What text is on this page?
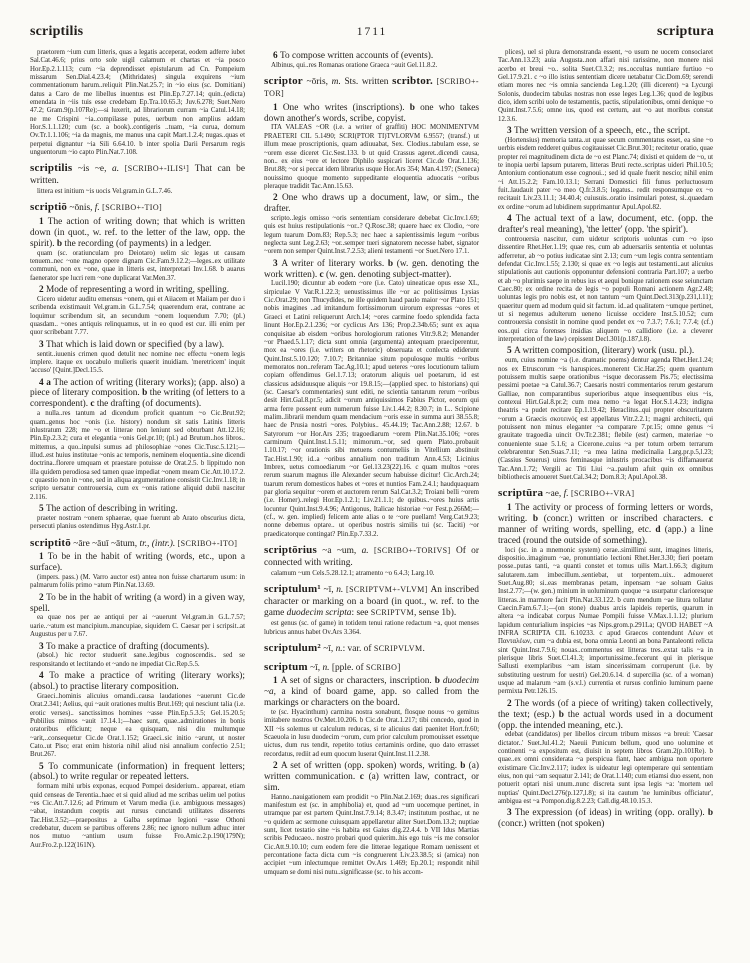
scriptilis	1711	scriptura

praetorem ~ium cum litteris, quas a legatis acceperat, eodem adferre iubet Sal.Cat.46.6; prius orto sole uigil calamum et chartas et ~ia posco Hor.Ep.2.1.113; cum ~ia deprendisset epistularum ad Cn. Pompeium missarum Sen.Dial.4.23.4; (Mithridates) singula exquirens ~ium commentationum harum..reliquit Plin.Nat.25.7; in ~io eius (sc. Domitiani) datus a Caro de me libellus inuentus est Plin.Ep.7.27.14; quin..(edicta) emendata in ~iis tuis esse credebam Ep.Tra.10.65.3; Juv.6.278; Suet.Nero 47.2; Gram.9(p.107Re);—si luxerit, ad librariorum curram ~ia Catul.14.18; ne me Crispini ~ia..compilasse putes, uerbum non amplius addam Hor.S.1.1.120; cum (sc. a book)..contigeris ..tuam, ~ia curua, domum Ov.Tr.1.1.106; ~ia da magnis, me manus una capit Mart.1.2.4; nugas..quas et perpetui dignantur ~ia Sili 6.64.10. b inter spolia Darii Persarum regis unguentorum ~io capto Plin.Nat.7.108.

scriptilis ~is ~e, a. [SCRIBO+-ILIS¹] That can be written.

littera est initium ~is uocis Vel.gram.in G.L.7.46.

scriptiō ~ōnis, f. [SCRIBO+-TIO]

1 The action of writing down; that which is written down (in quot., w. ref. to the letter of the law, opp. the spirit). b the recording (of payments) in a ledger.

quam (sc. oratiunculam pro Deiotaro) uelim sic legas ut causam tenuem..nec ~one magno opere dignam Cic.Fam.9.12.2;—leges..ex utilitate communi, non ex ~one, quae in litteris est, interpretari Inv.1.68. b auarus faenerator spe lucri rem ~one duplicarat Var.Men.37.

2 Mode of representing a word in writing, spelling.

Cicero uidetur auditu emensus ~onem, qui et Aiiacem et Maiiam per duo i scribenda existimauit Vel.gram.in G.L.7.54; quaerendum erat, contrane ac loquimur scribendum sit, an secundum ~onem loquendum 7.70; (pl.) quasdam.. ~ones antiquis relinquamus, ut in eo quod est cur. illi enim per quor scribebant 7.77.

3 That which is laid down or specified (by a law).

sentit..iuuenis crimen quod detulit nec nomine nec effectu ~onem legis implere. itaque ex uocabulo mulieris quaerit inuidiam. 'meretricem' inquit 'accuso' [Quint.]Decl.15.5.

4 a The action of writing (literary works); (app. also) a piece of literary composition. b the writing (of letters to a correspondent). c the drafting (of documents).

a nulla..res tantum ad dicendum proficit quantum ~o Cic.Brut.92; quam..genus hoc ~onis (i.e. history) nondum sit satis Latinis litteris inlustratum 228; me ~o et litterae non leniunt sed obturbant Att.12.16; Plin.Ep.2.3.2; cura et elegantia ~onis Gel.pr.10; (pl.) ad Brutum..hos libros.. mittemus, a quo..inpulsi sumus ad philosophiae ~ones Cic.Tusc.5.121;—illud..est huius institutae ~onis ac temporis, neminem eloquentia..sine dicendi doctrina..florere umquam et praestare potuisse de Orat.2.5. b lippitudo non illa quidem perodiosa sed tamen quae impediat ~onem meam Cic.Att.10.17.2. c quaestio non in ~one, sed in aliqua argumentatione consistit Cic.Inv.1.18; in scripto uersatur controuersia, cum ex ~onis ratione aliquid dubii nascitur 2.116.

5 The action of describing in writing.

praeter nostram ~onem sphaerae, quae fuerunt ab Arato obscurius dicta, persecuti planius ostendimus Hyg.Astr.1.pr.

scriptitō ~āre ~āuī ~ātum, tr., (intr.). [SCRIBO+-ITO]

1 To be in the habit of writing (words, etc., upon a surface).

(impers. pass.) (M. Varro auctor est) antea non fuisse chartarum usum: in palmarum foliis primo ~atum Plin.Nat.13.69.

2 To be in the habit of writing (a word) in a given way, spell.

ea quae nos per ae antiqui per ai ~auerunt Vel.gram.in G.L.7.57; uarie..~atum est mancipium..mancupiae, siquidem C. Caesar per i scripsit..at Augustus per u 7.67.

3 To make a practice of drafting (documents).

(absol.) hic rector studuerit sane..legibus cognoscendis.. sed se responsitando et lectitando et ~ando ne impediat Cic.Rep.5.5.

4 To make a practice of writing (literary works); (absol.) to practise literary composition.

Graeci..hominis alicuius ornandi..causa laudationes ~auerunt Cic.de Orat.2.341; Aelius, qui ~auit orationes multis Brut.169; qui nesciunt talia (i.e. erotic verses).. sanctissimos homines ~asse Plin.Ep.5.3.5; Gel.15.20.5; Publilius mimos ~auit 17.14.1;—haec sunt, quae..admirationes in bonis oratoribus efficiunt; neque ea quisquam, nisi diu multumque ~arit,..consequetur Cic.de Orat.1.152; Graeci..sic initio ~arunt, ut noster Cato..ut Piso; erat enim historia nihil aliud nisi annalium confectio 2.51; Brut.267.

5 To communicate (information) in frequent letters; (absol.) to write regular or repeated letters.

formam mihi urbis exponas, ecquod Pompei desiderium.. appareat, etiam quid censeas de Terentia..haec et si quid aliud ad me scribas uelim uel potius ~es Cic.Att.7.12.6; ad Primum et Varum media (i.e. ambiguous messages) ~abat, instandum coeptis aut rursus cunctandi utilitates disserens Tac.Hist.3.52;—praepositus a Galba septimae legioni ~asse Othoni credebatur, ducem se partibus offerens 2.86; nec ignoro nullum adhuc inter nos mutuo ~antium usum fuisse Fro.Amic.2.p.190(179N); Aur.Fro.2.p.122(161N).

6 To compose written accounts of (events).

Albinus, qui..res Romanas oratione Graeca ~auit Gel.11.8.2.

scriptor ~ōris, m. Sts. written scribtor. [SCRIBO+-TOR]

1 One who writes (inscriptions). b one who takes down another's words, scribe, copyist.

ITA VALEAS ~OR (i.e. a writer of graffiti) HOC MONIMENTVM PRAETERI CIL 5.1490; SCRI(PTOR TI)TVLORVM 6.9557; (transf.) ut illum meae proscriptionis, quam adiuuabat, Sex. Clodius..tabulam esse, se ~orem esse diceret Cic.Sest.133. b ut quid Crassus ageret..dicendi causa, non.. ex eius ~ore et lectore Diphilo suspicari liceret Cic.de Orat.1.136; Brut.88; ~or si peccat idem librarius usque Hor.Ars 354; Man.4.197; (Seneca) nouissimo quoque momento suppeditante eloquentia aduocatis ~oribus pleraque tradidit Tac.Ann.15.63.

2 One who draws up a document, law, or sim., the drafter.

scripto..legis omisso ~oris sententiam considerare debebat Cic.Inv.1.69; quis est huius restipulationis ~or..? Q.Rosc.38; quaere haec ex Clodio, ~ore legum tuarum Dom.83; Rep.5.3; nec haec a sapientissimis legum ~oribus neglecta sunt Leg.2.63; ~or..semper tueri signatorem necesse habet, signator ~orem non semper Quint.Inst.7.2.53; alieni testamenti ~or Suet.Nero 17.1.

3 A writer of literary works. b (w. gen. denoting the work written). c (w. gen. denoting subject-matter).

Lucil.190; dicuntur ab eodem ~ore (i.e. Cato) uineaticae opus esse XL, sirpiculae V Var.R.1.22.3; uenustissimus ille ~or ac politissimus Lysias Cic.Orat.29; non Thucydides, ne ille quidem haud paulo maior ~or Plato 151; nobis imagines ..ad imitandum fortissimorum uirorum expressas ~ores et Graeci et Latini reliquerunt Arch.14; ~ores carmine foedo splendida facta linunt Hor.Ep.2.1.236; ~or cyclicus Ars 136; Prop.2.34b.65; sunt ex aqua conquisitae ab eisdem ~oribus horologiorum rationes Vitr.9.8.2; Menander ~or Phaed.5.1.17; dicta sunt omnia (argumenta) antequam praeciperentur, mox ea ~ores (i.e. writers on rhetoric) obseruata et conlecta ediderunt Quint.Inst.5.10.120; 7.10.7; Britanniae situm populosque multis ~oribus memoratos non..referam Tac.Ag.10.1; apud ueteres ~ores locutionum talium copiam offendimus Gel.1.7.13; oratorum aliquis uel poetarum, id est classicus adsiduusque aliquis ~or 19.8.15;—(applied spec. to historians) qui (sc. Caesar's commentaries) sunt editi, ne scientia tantarum rerum ~oribus desit Hirt.Gal.8.pr.5; adicit ~orum antiquissimos Fabius Pictor, eorum qui arma ferre possent eum numerum fuisse Liv.1.44.2; 8.30.7; in L.. Scipione malim..librarii mendum quam mendacium ~oris esse in summa auri 38.55.8; haec de Prusia nostri ~ores. Polybius.. 45.44.19; Tac.Ann.2.88; 12.67. b Satyrorum ~or Hor.Ars 235; tragoediarum ~orem Plin.Nat.35.106; ~ores carminum Quint.Inst.1.5.11; mimorum..~or, sed quem Plato..probauit 1.10.17; ~or orationis sibi metuens contumeliis in Vitellium abstinuit Tac.Hist.1.90; id..a ~oribus annalium non traditum Ann.4.53; Licinius Imbrex, uetus comoediarum ~or Gel.13.23(22).16. c quam multos ~ores rerum suarum magnus ille Alexander secum habuisse dicitur! Cic.Arch.24; tuarum rerum domesticos habes et ~ores et nuntios Fam.2.4.1; haudquaquam par gloria sequitur ~orem et auctorem rerum Sal.Cat.3.2; Troiani belli ~orem (i.e. Homer)..relegi Hor.Ep.1.2.1; Liv.21.1.1; de quibus..~ores huius artis locuntur Quint.Inst.9.4.96; Antigonus, Italicae historiae ~or Fest.p.266M;—(cf., w. gen. implied) felicem ante alias o te ~ore puellam! Verg.Cat.9.23; nonne debemus optare.. ut operibus nostris similis tui (sc. Taciti) ~or praedicatorque contingat? Plin.Ep.7.33.2.

scriptōrius ~a ~um, a. [SCRIBO+-TORIVS] Of or connected with writing.

calamum ~um Cels.5.28.12.1; atramento ~o 6.4.3; Larg.10.

scriptulum¹ ~ī, n. [SCRIPTVM+-VLVM] An inscribed character or marking on a board (in quot., w. ref. to the game duodecim scripta: see SCRIPTVM, sense 1b).

est genus (sc. of game) in totidem tenui ratione redactum ~a, quot menses lubricus annus habet Ov.Ars 3.364.

scriptulum² ~ī, n.: var. of SCRIPVLVM.

scriptum ~ī, n. [pple. of SCRIBO]

1 A set of signs or characters, inscription. b duodecim ~a, a kind of board game, app. so called from the markings or characters on the board.

te (sc. Hyacinthum) carmina nostra sonabunt, flosque nouus ~o gemitus imitabere nostros Ov.Met.10.206. b Cic.de Orat.1.217; tibi concedo, quod in XII ~is solemus ut calculum reducas, si te alicuius dati paenitet Hort.fr.60; Scaeuola in lusu duodecim ~orum, cum prior calculum promouisset essetque uictus, dum rus tendit, repetito totius certaminis ordine, quo dato errasset recordatus, rediit ad eum quocum luserat Quint.Inst.11.2.38.

2 A set of written (opp. spoken) words, writing. b (a) written communication. c (a) written law, contract, or sim.

Hanno..nauigationem eam prodidit ~o Plin.Nat.2.169; duas..res significari manifestum est (sc. in amphibolia) et, quod ad ~um uocemque pertinet, in utramque par est partem Quint.Inst.7.9.14; 8.3.47; institutum posthac, ut ne ~o quidem ac sermone cuiusquam appellaretur aliter Suet.Dom.13.2; nuptiae sunt, licet testatio sine ~is habita est Gaius dig.22.4.4. b VII Idus Martias scribis Peducaeo.. nostro probari quod quierim..his ego tuis ~is me consolor Cic.Att.9.10.10; cum eodem fere die litterae legatique Romam uenissent et percontatione facta dicta cum ~is congruerent Liv.23.38.5; si (amica) non accipiet ~um inlectumque remittet Ov.Ars 1.469; Ep.20.1; respondit nihil umquam se domi nisi nutu..significasse (sc. to his accom-

plices), uel si plura demonstranda essent, ~o usum ne uocem consociaret Tac.Ann.13.23; auia Augusta..non affari nisi rarissime, non monere nisi acerbo et breui ~o.. solita Suet.Cl.3.2; res..occultas nuntiare furtiuo ~o Gel.17.9.21. c ~o illo istius sententiam dicere uetabatur Cic.Dom.69; serendi etiam mores nec ~is omnia sancienda Leg.1.20; (illi dicerent) ~a Lycurgi Solonis, duodecim tabulas nostras non esse leges Leg.1.36; quod de legibus dico, idem scribi uolo de testamentis, pactis, stipulationibus, omni denique ~o Quint.Inst.7.5.6; omne ius, quod est certum, aut ~o aut moribus constat 12.3.6.

3 The written version of a speech, etc., the script.

(Hortensius) memoria tanta..ut quae secum commentatus esset, ea sine ~o uerbis eisdem redderet quibus cogitauisset Cic.Brut.301; recitetur oratio, quae propter rei magnitudinem dicta de ~o est Planc.74; dixisti et quidem de ~o, ut te inopia uerbi lapsum putarem, litteras Bruti recte..scriptas uideri Phil.10.5; Antonium contionatum esse cognoui..; sed id quale fuerit nescio; nihil enim ~i Att.15.2.2; Fam.10.13.1; Serrani Domestici fili funus perluctuosum fuit..laudauit pater ~o meo Q.fr.3.8.5; legatus.. redit responsumque ex ~o recitauit Liv.23.11.1; 34.40.4; cuiusuis..oratio insimulari potest, si..quaedam ex ordine ~orum ad lubidinem supprimantur Apul.Apol.82.

4 The actual text of a law, document, etc. (opp. the drafter's real meaning), 'the letter' (opp. 'the spirit').

controuersia nascitur, cum uidetur scriptoris uoluntas cum ~o ipso dissentire Rhet.Her.1.19; quae res, cum ab aduersariis sententia et uoluntas adferretur, ab ~o potius iudicatae sint 2.13; cum ~um legis contra sententiam defendat Cic.Inv.1.55; 2.130; si quae ex ~o legis aut testamenti..aut alicuius stipulationis aut cautionis opponuntur defensioni contraria Part.107; a uerbo et ab ~o plurimis saepe in rebus ius et aequi bonique rationem esse seiunctam Caec.80; ex ordine recita de legis ~o populi Romani actionem Agr.2.48; uoluntas legis pro nobis est, et non tantum ~um Quint.Decl.313(p.231,l.11); quaeritur quem ad modum quid sit factum. id..ad qualitatem ~umque pertinet, ut si negemus adulterum ueneno licuisse occidere Inst.5.10.52; cum controuersia consistit in nomine quod pendet ex ~o 7.3.7; 7.6.1; 7.7.4; (cf.) eos..qui circa forenses insidias aliquem ~o callidiore (i.e. a cleverer interpretation of the law) cepissent Decl.301(p.187,l.8).

5 A written composition, (literary) work (usu. pl.).

eum, cuius nomine ~a (i.e. dramatic poems) dentur agenda Rhet.Her.1.24; nos ex Etruscorum ~is haruspices..monerent Cic.Har.25; quem quantum potuissem multis saepe orationibus ~isque decorassem Pis.75; electissima pessimi poetae ~a Catul.36.7; Caesaris nostri commentarios rerum gestarum Galliae, non comparantibus superioribus atque insequentibus eius ~is, contexui Hirt.Gal.8.pr.2; cum mea nemo ~a legat Hor.S.1.4.23; indigna theatris ~a pudet recitare Ep.1.19.42; Heraclitus..qui propter obscuritatem ~orum a Graecis σκοτεινός est appellatus Vitr.2.2.1; magni architecti, qui potuissent non minus eleganter ~a comparare 7.pr.15; omne genus ~i grauitate tragoedia uincit Ov.Tr.2.381; flebile (est) carmen, materiae ~o conueniente suae 5.1.6; a Cicerone..cuius ~a per totum orbem terrarum celebrarentur Sen.Suas.7.11; ~a mea latina medicinalia Larg.pr.p.5,l.23; (Cassius Seuerus) uiros feminasque inlustris procacibus ~is diffamauerat Tac.Ann.1.72; Vergili ac Titi Liui ~a..paulum afuit quin ex omnibus bibliothecis amoueret Suet.Cal.34.2; Dom.8.3; Apul.Apol.38.

scriptūra ~ae, f. [SCRIBO+-VRA]

1 The activity or process of forming letters or words, writing. b (concr.) written or inscribed characters. c manner of writing words, spelling, etc. d (app.) a line traced (round the outside of something).

loci (sc. in a mnemonic system) cerae..simillimi sunt, imagines litteris, dispositio..imaginum ~ae, pronuntiatio lectioni Rhet.Her.3.30; fieri poetam posse..putas tanti, ~a quanti constet et tomus uilis Mart.1.66.3; digitum salutarem..tam imbecillum..sentiebat, ut torpentem..uix.. admoueret Suet.Aug.80; si..eas membranas petam, inpensam ~ae soluam Gaius Inst.2.77;—(w. gen.) minium in uoluminum quoque ~a usurpatur clarioresque litteras..in marmore facit Plin.Nat.33.122. b cum mendum ~ae litura tollatur Caecin.Fam.6.7.1;—(on stone) duabus arcis lapideis repertis, quarum in altera ~a indicabat corpus Numae Pompili fuisse V.Max.1.1.12; plurium lapidum centurialium inspicies ~as Nips.grom.p.291La; QVOD HABET ~A INFRA SCRIPTA CIL 6.10233. c apud Graecos contendunt Λέων et Πανταλέων, cum ~a dubia est, bona omnia Leonti an bona Pantaleonti relicta sint Quint.Inst.7.9.6; nouas..commentus est litteras tres..extat talis ~a in plerisque libris Suet.Cl.41.3; importunissime..fecerunt qui in plerisque Sallusti exemplaribus ~am istam sincerissimam corruperunt (i.e. by substituting uestrum for uestri) Gel.20.6.14. d supercilia (sc. of a woman) usque ad malarum ~am (s.v.l.) currentia et rursus confinio luminum paene permixta Petr.126.15.

2 The words (of a piece of writing) taken collectively, the text; (esp.) b the actual words used in a document (opp. the intended meaning, etc.).

edebat (candidatos) per libellos circum tribum missos ~a breui: 'Caesar dictator..' Suet.Jul.41.2; Naeuii Punicum bellum, quod uno uolumine et continenti ~a expositum est, diuisit in septem libros Gram.2(p.101Re). b quae..ex omni considerata ~a perspicua fiant, haec ambigua non oportere existimare Cic.Inv.2.117; iudex is uideatur legi optemperare qui sententiam eius, non qui ~am sequatur 2.141; de Orat.1.140; cum etiamsi duo essent, non potuerit optari nisi unum..nunc discreta sunt ipsa legis ~a: 'mortem uel nuptias' Quint.Decl.276(p.127,l.8); si ita cautum 'ne luminibus officiatur', ambigua est ~a Pompon.dig.8.2.23; Call.dig.48.10.15.3.

3 The expression (of ideas) in writing (opp. orally). b (concr.) written (not spoken)
